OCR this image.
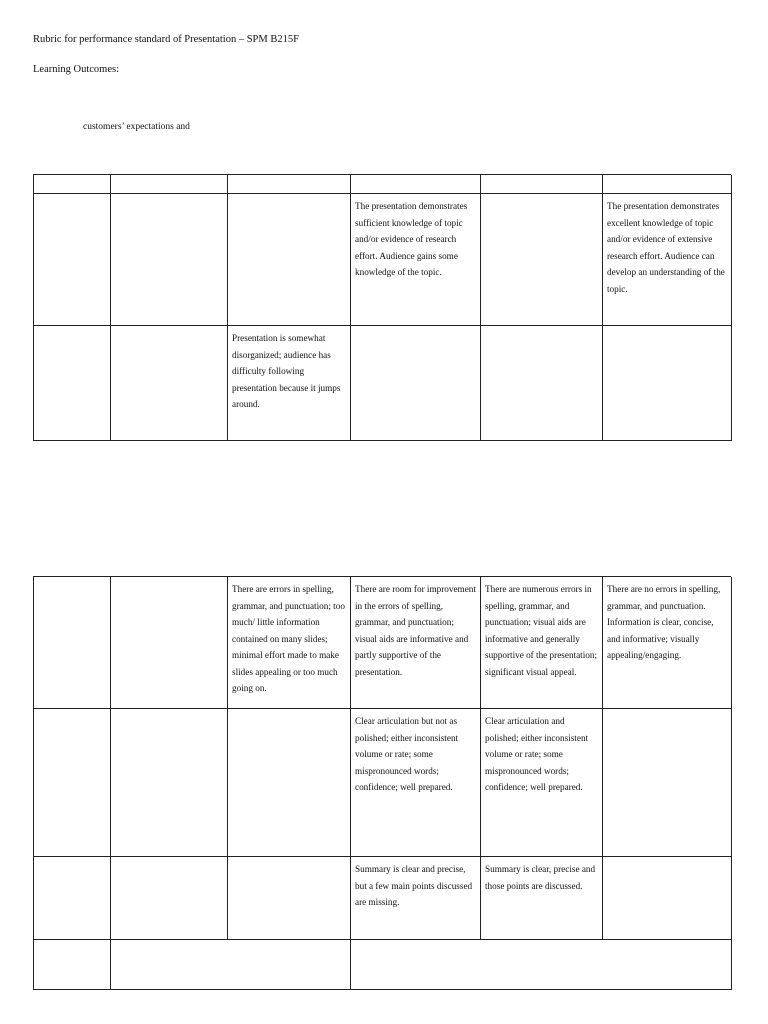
Rubric for performance standard of Presentation – SPM B215F
Learning Outcomes:
customers’ expectations and
The presentation demonstrates sufficient knowledge of topic and/or evidence of research effort. Audience gains some knowledge of the topic.
The presentation demonstrates excellent knowledge of topic and/or evidence of extensive research effort. Audience can develop an understanding of the topic.
Presentation is somewhat disorganized; audience has difficulty following presentation because it jumps around.
There are errors in spelling, grammar, and punctuation; too much/ little information contained on many slides; minimal effort made to make slides appealing or too much going on.
There are room for improvement in the errors of spelling, grammar, and punctuation; visual aids are informative and partly supportive of the presentation.
There are numerous errors in spelling, grammar, and punctuation; visual aids are informative and generally supportive of the presentation; significant visual appeal.
There are no errors in spelling, grammar, and punctuation. Information is clear, concise, and informative; visually appealing/engaging.
Clear articulation but not as polished; either inconsistent volume or rate; some mispronounced words; confidence; well prepared.
Clear articulation and polished; either inconsistent volume or rate; some mispronounced words; confidence; well prepared.
Summary is clear and precise, but a few main points discussed are missing.
Summary is clear, precise and those points are discussed.
